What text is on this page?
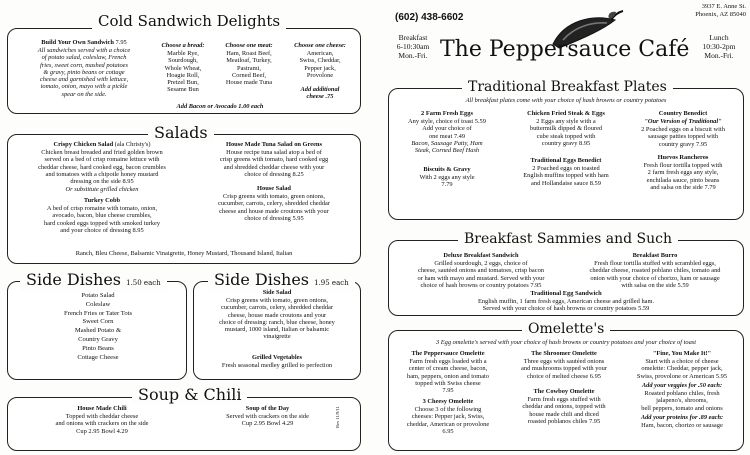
Cold Sandwich Delights
Build Your Own Sandwich 7.95
All sandwiches served with a choice
of potato salad, coleslaw, French
fries, sweet corn, mashed potatoes
& gravy, pinto beans or cottage
cheese and garnished with lettuce,
tomato, onion, mayo with a pickle
spear on the side.
Choose a bread:
Marble Rye,
Sourdough,
Whole Wheat,
Hoagie Roll,
Pretzel Bun,
Sesame Bun
Choose one meat:
Ham, Roast Beef,
Meatloaf, Turkey,
Pastrami,
Corned Beef,
House made Tuna
Choose one cheese:
American,
Swiss, Cheddar,
Pepper jack,
Provolone
Add additional
cheese .75
Add Bacon or Avocado 1.00 each
Salads
Crispy Chicken Salad (ala Christy's)
Chicken breast breaded and fried golden brown
served on a bed of crisp romaine lettuce with
cheddar cheese, hard cooked egg, bacon crumbles
and tomatoes with a chipotle honey mustard
dressing on the side 8.95
Or substitute grilled chicken
House Made Tuna Salad on Greens
House recipe tuna salad atop a bed of
crisp greens with tomato, hard cooked egg
and shredded cheddar cheese with your
choice of dressing 8.25
Turkey Cobb
A bed of crisp romaine with tomato, onion,
avocado, bacon, blue cheese crumbles,
hard cooked eggs topped with smoked turkey
and your choice of dressing 8.95
House Salad
Crisp greens with tomato, green onions,
cucumber, carrots, celery, shredded cheddar
cheese and house made croutons with your
choice of dressing 5.95
Ranch, Bleu Cheese, Balsamic Vinaigrette, Honey Mustard, Thousand Island, Italian
Side Dishes 1.50 each
Potato Salad
Coleslaw
French Fries or Tater Tots
Sweet Corn
Mashed Potato &
Country Gravy
Pinto Beans
Cottage Cheese
Side Dishes 1.95 each
Side Salad
Crisp greens with tomato, green onions,
cucumber, carrots, celery, shredded cheddar
cheese, house made croutons and your
choice of dressing: ranch, blue cheese, honey
mustard, 1000 island, Italian or balsamic
vinaigrette
Grilled Vegetables
Fresh seasonal medley grilled to perfection
Soup & Chili
House Made Chili
Topped with cheddar cheese
and onions with crackers on the side
Cup 2.95 Bowl 4.29
Soup of the Day
Served with crackers on the side
Cup 2.95 Bowl 4.29	Rev 11/9/11
(602) 438-6602
3937 E. Anne St.
Phoenix, AZ 85040
Breakfast
6-10:30am
Mon.-Fri. The Peppersauce Café	Lunch
10:30-2pm
Mon.-Fri.
Traditional Breakfast Plates
All breakfast plates come with your choice of hash browns or country potatoes
2 Farm Fresh Eggs
Any style, choice of toast 5.59
Add your choice of
one meat 7.49
Bacon, Sausage Patty, Ham
Steak, Corned Beef Hash
Biscuits & Gravy
With 2 eggs any style
7.79
Chicken Fried Steak & Eggs
2 Eggs any style with a
buttermilk dipped & floured
cube steak topped with
country gravy 8.95
Traditional Eggs Benedict
2 Poached eggs on toasted
English muffins topped with ham
and Hollandaise sauce 8.59
Country Benedict
"Our Version of Traditional"
2 Poached eggs on a biscuit with
sausage patties topped with
country gravy 7.95
Huevos Rancheros
Fresh flour tortilla topped with
2 farm fresh eggs any style,
enchilada sauce, pinto beans
and salsa on the side 7.79
Breakfast Sammies and Such
Deluxe Breakfast Sandwich
Grilled sourdough, 2 eggs, choice of
cheese, sautéed onions and tomatoes, crisp bacon
or ham with mayo and mustard. Served with your
choice of hash browns or country potatoes 7.95
Breakfast Burro
Fresh flour tortilla stuffed with scrambled eggs,
cheddar cheese, roasted poblano chiles, tomato and
onion with your choice of chorizo, ham or sausage
with salsa on the side 5.59
Traditional Egg Sandwich
English muffin, 1 farm fresh eggs, American cheese and grilled ham.
Served with your choice of hash browns or country potatoes 5.59
Omelette's
3 Egg omelette's served with your choice of hash browns or country potatoes and your choice of toast
The Peppersauce Omelette
Farm fresh eggs loaded with a
center of cream cheese, bacon,
ham, peppers, onion and tomato
topped with Swiss cheese
7.95
3 Cheesy Omelette
Choose 3 of the following
cheeses: Pepper jack, Swiss,
cheddar, American or provolone
6.95
The Shroomer Omelette
Three eggs with sautéed onions
and mushrooms topped with your
choice of melted cheese 6.95
The Cowboy Omelette
Farm fresh eggs stuffed with
cheddar and onions, topped with
house made chili and diced
roasted poblanos chiles 7.95
"Fine, You Make It!"
Start with a choice of cheese
omelette: Cheddar, pepper jack,
Swiss, provolone or American 5.95
Add your veggies for .50 each:
Roasted poblano chiles, fresh
jalapeno's, shrooms,
bell peppers, tomato and onions
Add your proteins for .89 each:
Ham, bacon, chorizo or sausage
